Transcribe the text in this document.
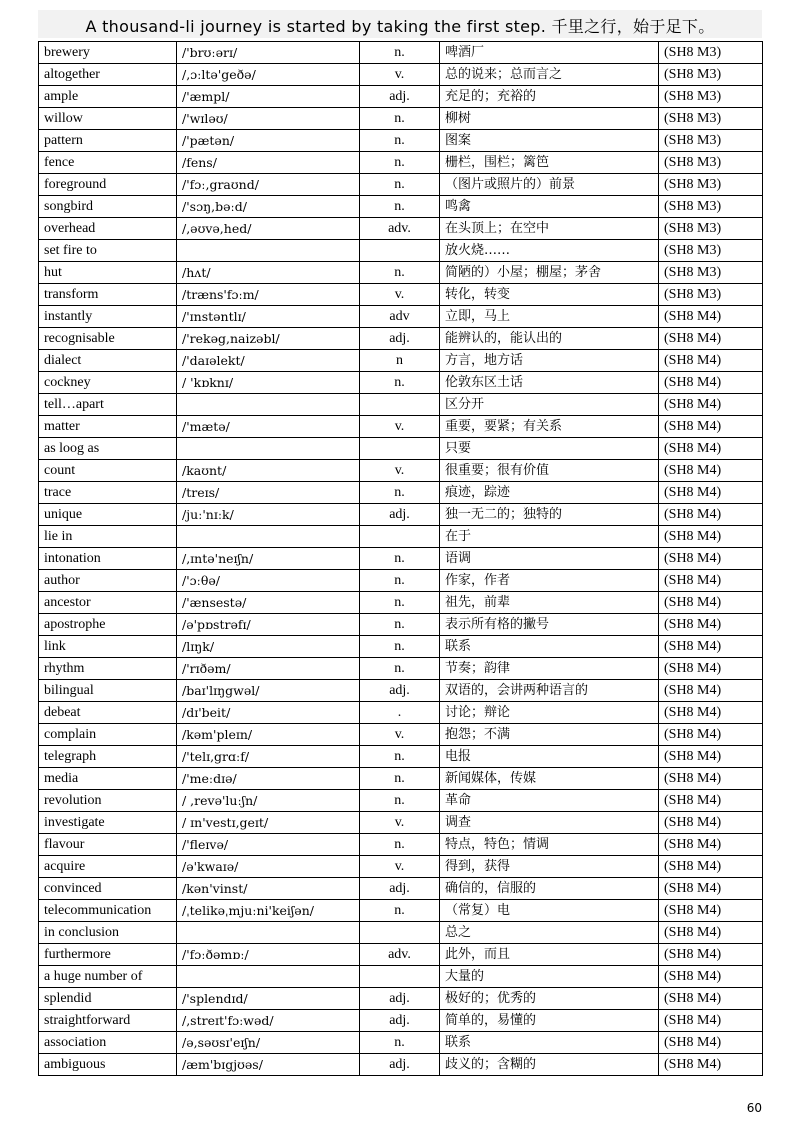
A thousand-li journey is started by taking the first step. 千里之行，始于足下。
brewery	/'brʊːərɪ/	n.	啤酒厂	(SH8 M3)
altogether	/,ɔːltə'geðə/	v.	总的说来；总而言之	(SH8 M3)
ample	/'æmpl/	adj.	充足的；充裕的	(SH8 M3)
willow	/'wɪləʊ/	n.	柳树	(SH8 M3)
pattern	/'pætən/	n.	图案	(SH8 M3)
fence	/fens/	n.	栅栏，围栏；篱笆	(SH8 M3)
foreground	/'fɔː,graʊnd/	n.	（图片或照片的）前景	(SH8 M3)
songbird	/'sɔŋ,bəːd/	n.	鸣禽	(SH8 M3)
overhead	/,əʊvə,hed/	adv.	在头顶上；在空中	(SH8 M3)
set fire to			放火烧……	(SH8 M3)
hut	/hʌt/	n.	简陋的）小屋；棚屋；茅舍	(SH8 M3)
transform	/træns'fɔːm/	v.	转化，转变	(SH8 M3)
instantly	/'ɪnstəntlɪ/	adv	立即，马上	(SH8 M4)
recognisable	/'rekəg,naizəbl/	adj.	能辨认的，能认出的	(SH8 M4)
dialect	/'daɪəlekt/	n	方言，地方话	(SH8 M4)
cockney	/ 'kɒknɪ/	n.	伦敦东区土话	(SH8 M4)
tell…apart			区分开	(SH8 M4)
matter	/'mætə/	v.	重要，要紧；有关系	(SH8 M4)
as loog as			只要	(SH8 M4)
count	/kaʊnt/	v.	很重要；很有价值	(SH8 M4)
trace	/treɪs/	n.	痕迹，踪迹	(SH8 M4)
unique	/juː'nɪːk/	adj.	独一无二的；独特的	(SH8 M4)
lie in			在于	(SH8 M4)
intonation	/,ɪntə'neɪʃn/	n.	语调	(SH8 M4)
author	/'ɔːθə/	n.	作家，作者	(SH8 M4)
ancestor	/'ænsestə/	n.	祖先，前辈	(SH8 M4)
apostrophe	/ə'pɒstrəfɪ/	n.	表示所有格的撇号	(SH8 M4)
link	/lɪŋk/	n.	联系	(SH8 M4)
rhythm	/'rɪðəm/	n.	节奏；韵律	(SH8 M4)
bilingual	/baɪ'lɪŋgwəl/	adj.	双语的，会讲两种语言的	(SH8 M4)
debeat	/dɪ'beit/	.	讨论；辩论	(SH8 M4)
complain	/kəm'pleɪn/	v.	抱怨；不满	(SH8 M4)
telegraph	/'telɪ,grɑːf/	n.	电报	(SH8 M4)
media	/'meːdɪə/	n.	新闻媒体，传媒	(SH8 M4)
revolution	/ ,revə'luːʃn/	n.	革命	(SH8 M4)
investigate	/ ɪn'vestɪ,geɪt/	v.	调查	(SH8 M4)
flavour	/'fleɪvə/	n.	特点，特色；情调	(SH8 M4)
acquire	/ə'kwaɪə/	v.	得到，获得	(SH8 M4)
convinced	/kən'vinst/	adj.	确信的，信服的	(SH8 M4)
telecommunication	/ˌtelikəˌmjuːni'keiʃən/	n.	（常复）电	(SH8 M4)
in conclusion			总之	(SH8 M4)
furthermore	/'fɔːðəmɒː/	adv.	此外，而且	(SH8 M4)
a huge number of			大量的	(SH8 M4)
splendid	/'splendɪd/	adj.	极好的；优秀的	(SH8 M4)
straightforward	/,streɪt'fɔːwəd/	adj.	简单的，易懂的	(SH8 M4)
association	/ə,səʊsɪ'eɪʃn/	n.	联系	(SH8 M4)
ambiguous	/æm'bɪgjʊəs/	adj.	歧义的；含糊的	(SH8 M4)
60
